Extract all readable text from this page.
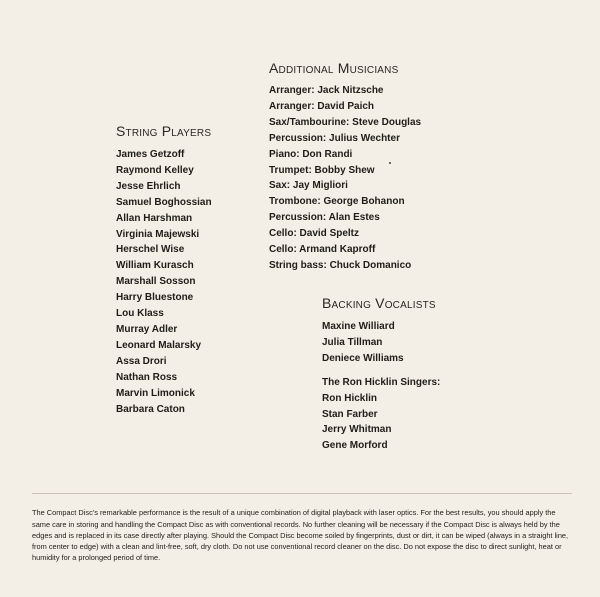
Additional Musicians
Arranger: Jack Nitzsche
Arranger: David Paich
Sax/Tambourine: Steve Douglas
Percussion: Julius Wechter
Piano: Don Randi
Trumpet: Bobby Shew
Sax: Jay Migliori
Trombone: George Bohanon
Percussion: Alan Estes
Cello: David Speltz
Cello: Armand Kaproff
String bass: Chuck Domanico
String Players
James Getzoff
Raymond Kelley
Jesse Ehrlich
Samuel Boghossian
Allan Harshman
Virginia Majewski
Herschel Wise
William Kurasch
Marshall Sosson
Harry Bluestone
Lou Klass
Murray Adler
Leonard Malarsky
Assa Drori
Nathan Ross
Marvin Limonick
Barbara Caton
Backing Vocalists
Maxine Williard
Julia Tillman
Deniece Williams
The Ron Hicklin Singers:
Ron Hicklin
Stan Farber
Jerry Whitman
Gene Morford

The Compact Disc's remarkable performance is the result of a unique combination of digital playback with laser optics. For the best results, you should apply the same care in storing and handling the Compact Disc as with conventional records. No further cleaning will be necessary if the Compact Disc is always held by the edges and is replaced in its case directly after playing. Should the Compact Disc become soiled by fingerprints, dust or dirt, it can be wiped (always in a straight line, from center to edge) with a clean and lint-free, soft, dry cloth. Do not use conventional record cleaner on the disc. Do not expose the disc to direct sunlight, heat or humidity for a prolonged period of time.
